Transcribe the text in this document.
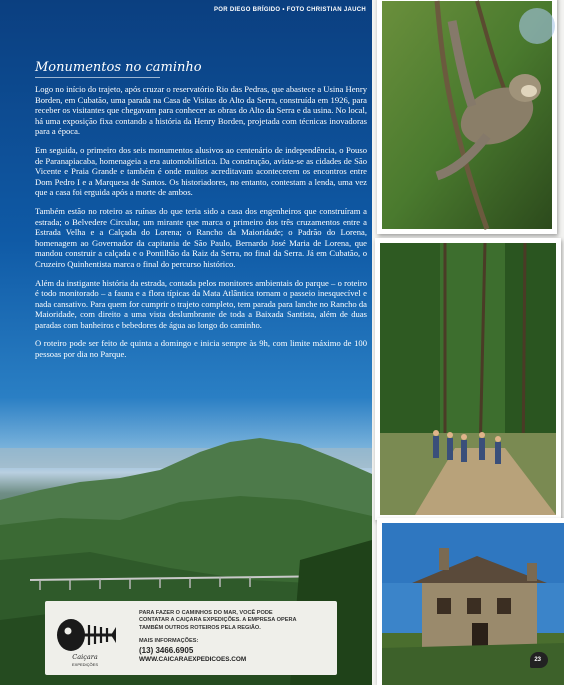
POR DIEGO BRÍGIDO • FOTO CHRISTIAN JAUCH
Monumentos no caminho

Logo no início do trajeto, após cruzar o reservatório Rio das Pedras, que abastece a Usina Henry Borden, em Cubatão, uma parada na Casa de Visitas do Alto da Serra, construída em 1926, para receber os visitantes que chegavam para conhecer as obras do Alto da Serra e da usina. No local, há uma exposição fixa contando a história da Henry Borden, projetada com técnicas inovadoras para a época.

Em seguida, o primeiro dos seis monumentos alusivos ao centenário de independência, o Pouso de Paranapiacaba, homenageia a era automobilística. Da construção, avista-se as cidades de São Vicente e Praia Grande e também é onde muitos acreditavam acontecerem os encontros entre Dom Pedro I e a Marquesa de Santos. Os historiadores, no entanto, contestam a lenda, uma vez que a casa foi erguida após a morte de ambos.

Também estão no roteiro as ruínas do que teria sido a casa dos engenheiros que construíram a estrada; o Belvedere Circular, um mirante que marca o primeiro dos três cruzamentos entre a Estrada Velha e a Calçada do Lorena; o Rancho da Maioridade; o Padrão do Lorena, homenagem ao Governador da capitania de São Paulo, Bernardo José Maria de Lorena, que mandou construir a calçada e o Pontilhão da Raiz da Serra, no final da Serra. Já em Cubatão, o Cruzeiro Quinhentista marca o final do percurso histórico.

Além da instigante história da estrada, contada pelos monitores ambientais do parque – o roteiro é todo monitorado – a fauna e a flora típicas da Mata Atlântica tornam o passeio inesquecível e nada cansativo. Para quem for cumprir o trajeto completo, tem parada para lanche no Rancho da Maioridade, com direito a uma vista deslumbrante de toda a Baixada Santista, além de duas paradas com banheiros e bebedores de água ao longo do caminho.

O roteiro pode ser feito de quinta a domingo e inicia sempre às 9h, com limite máximo de 100 pessoas por dia no Parque.

Caiçara
EXPEDIÇÕES
PARA FAZER O CAMINHOS DO MAR, VOCÊ PODE
CONTATAR A CAIÇARA EXPEDIÇÕES. A EMPRESA OPERA
TAMBÉM OUTROS ROTEIROS PELA REGIÃO.
MAIS INFORMAÇÕES:
(13) 3466.6905
WWW.CAICARAEXPEDICOES.COM	23
